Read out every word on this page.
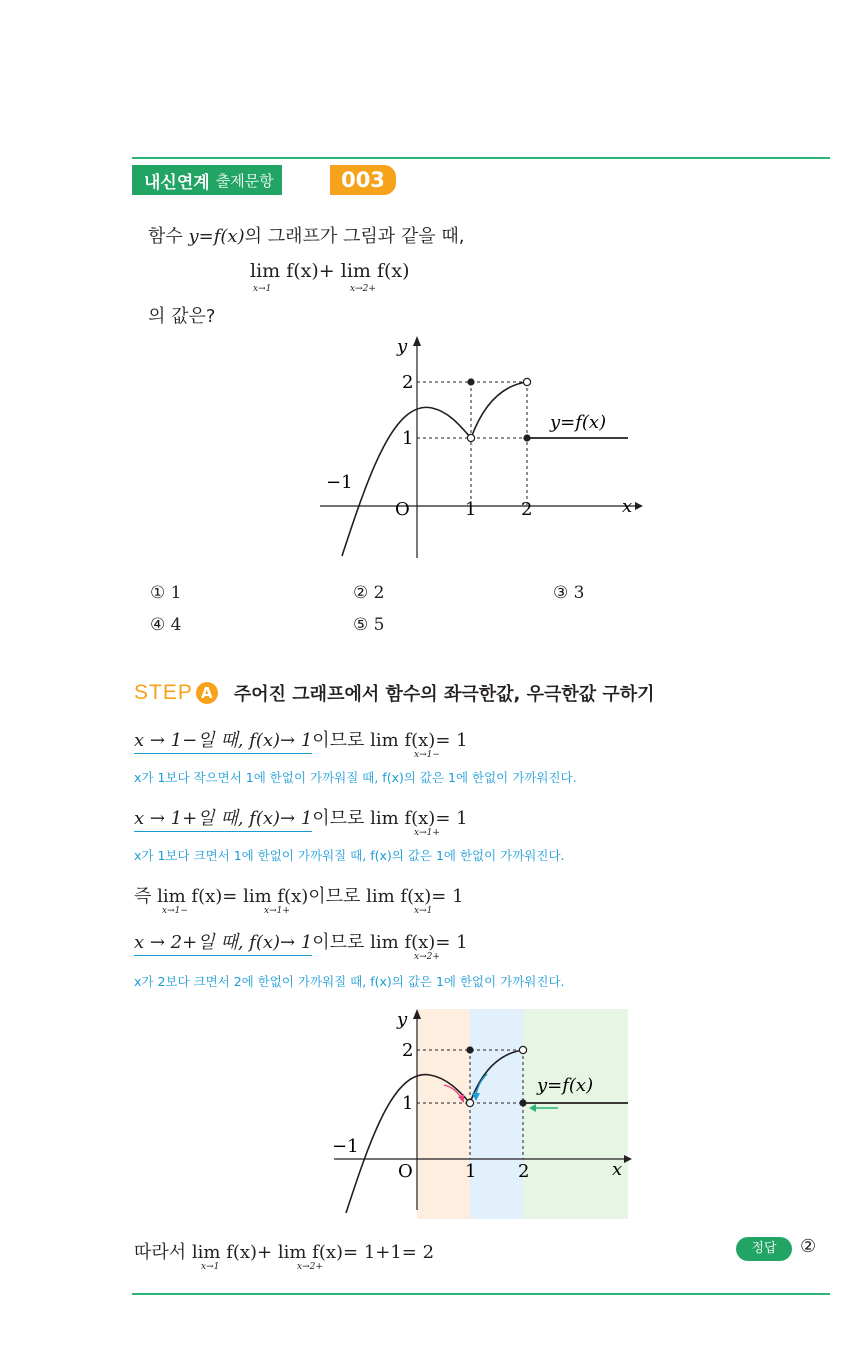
내신연계 출제문항	003
함수 y=f(x)의 그래프가 그림과 같을 때,
lim f(x)+ lim f(x)
x→1	x→2+
의 값은?
y
x
O	1 2
2
1
−1
y=f(x)
① 1	② 2	③ 3
④ 4	⑤ 5
STEP A 주어진 그래프에서 함수의 좌극한값, 우극한값 구하기
x → 1−일 때, f(x)→ 1이므로 lim f(x)= 1
x→1−
x가 1보다 작으면서 1에 한없이 가까워질 때, f(x)의 값은 1에 한없이 가까워진다.
x → 1+일 때, f(x)→ 1이므로 lim f(x)= 1
x→1+
x가 1보다 크면서 1에 한없이 가까워질 때, f(x)의 값은 1에 한없이 가까워진다.
즉 lim f(x)= lim f(x)이므로 lim f(x)= 1
x→1−	x→1+	x→1
x → 2+일 때, f(x)→ 1이므로 lim f(x)= 1
x→2+
x가 2보다 크면서 2에 한없이 가까워질 때, f(x)의 값은 1에 한없이 가까워진다.
y
x
O	1 2
2
1
−1
y=f(x)
따라서 lim f(x)+ lim f(x)= 1+1= 2
x→1	x→2+
정답	②
